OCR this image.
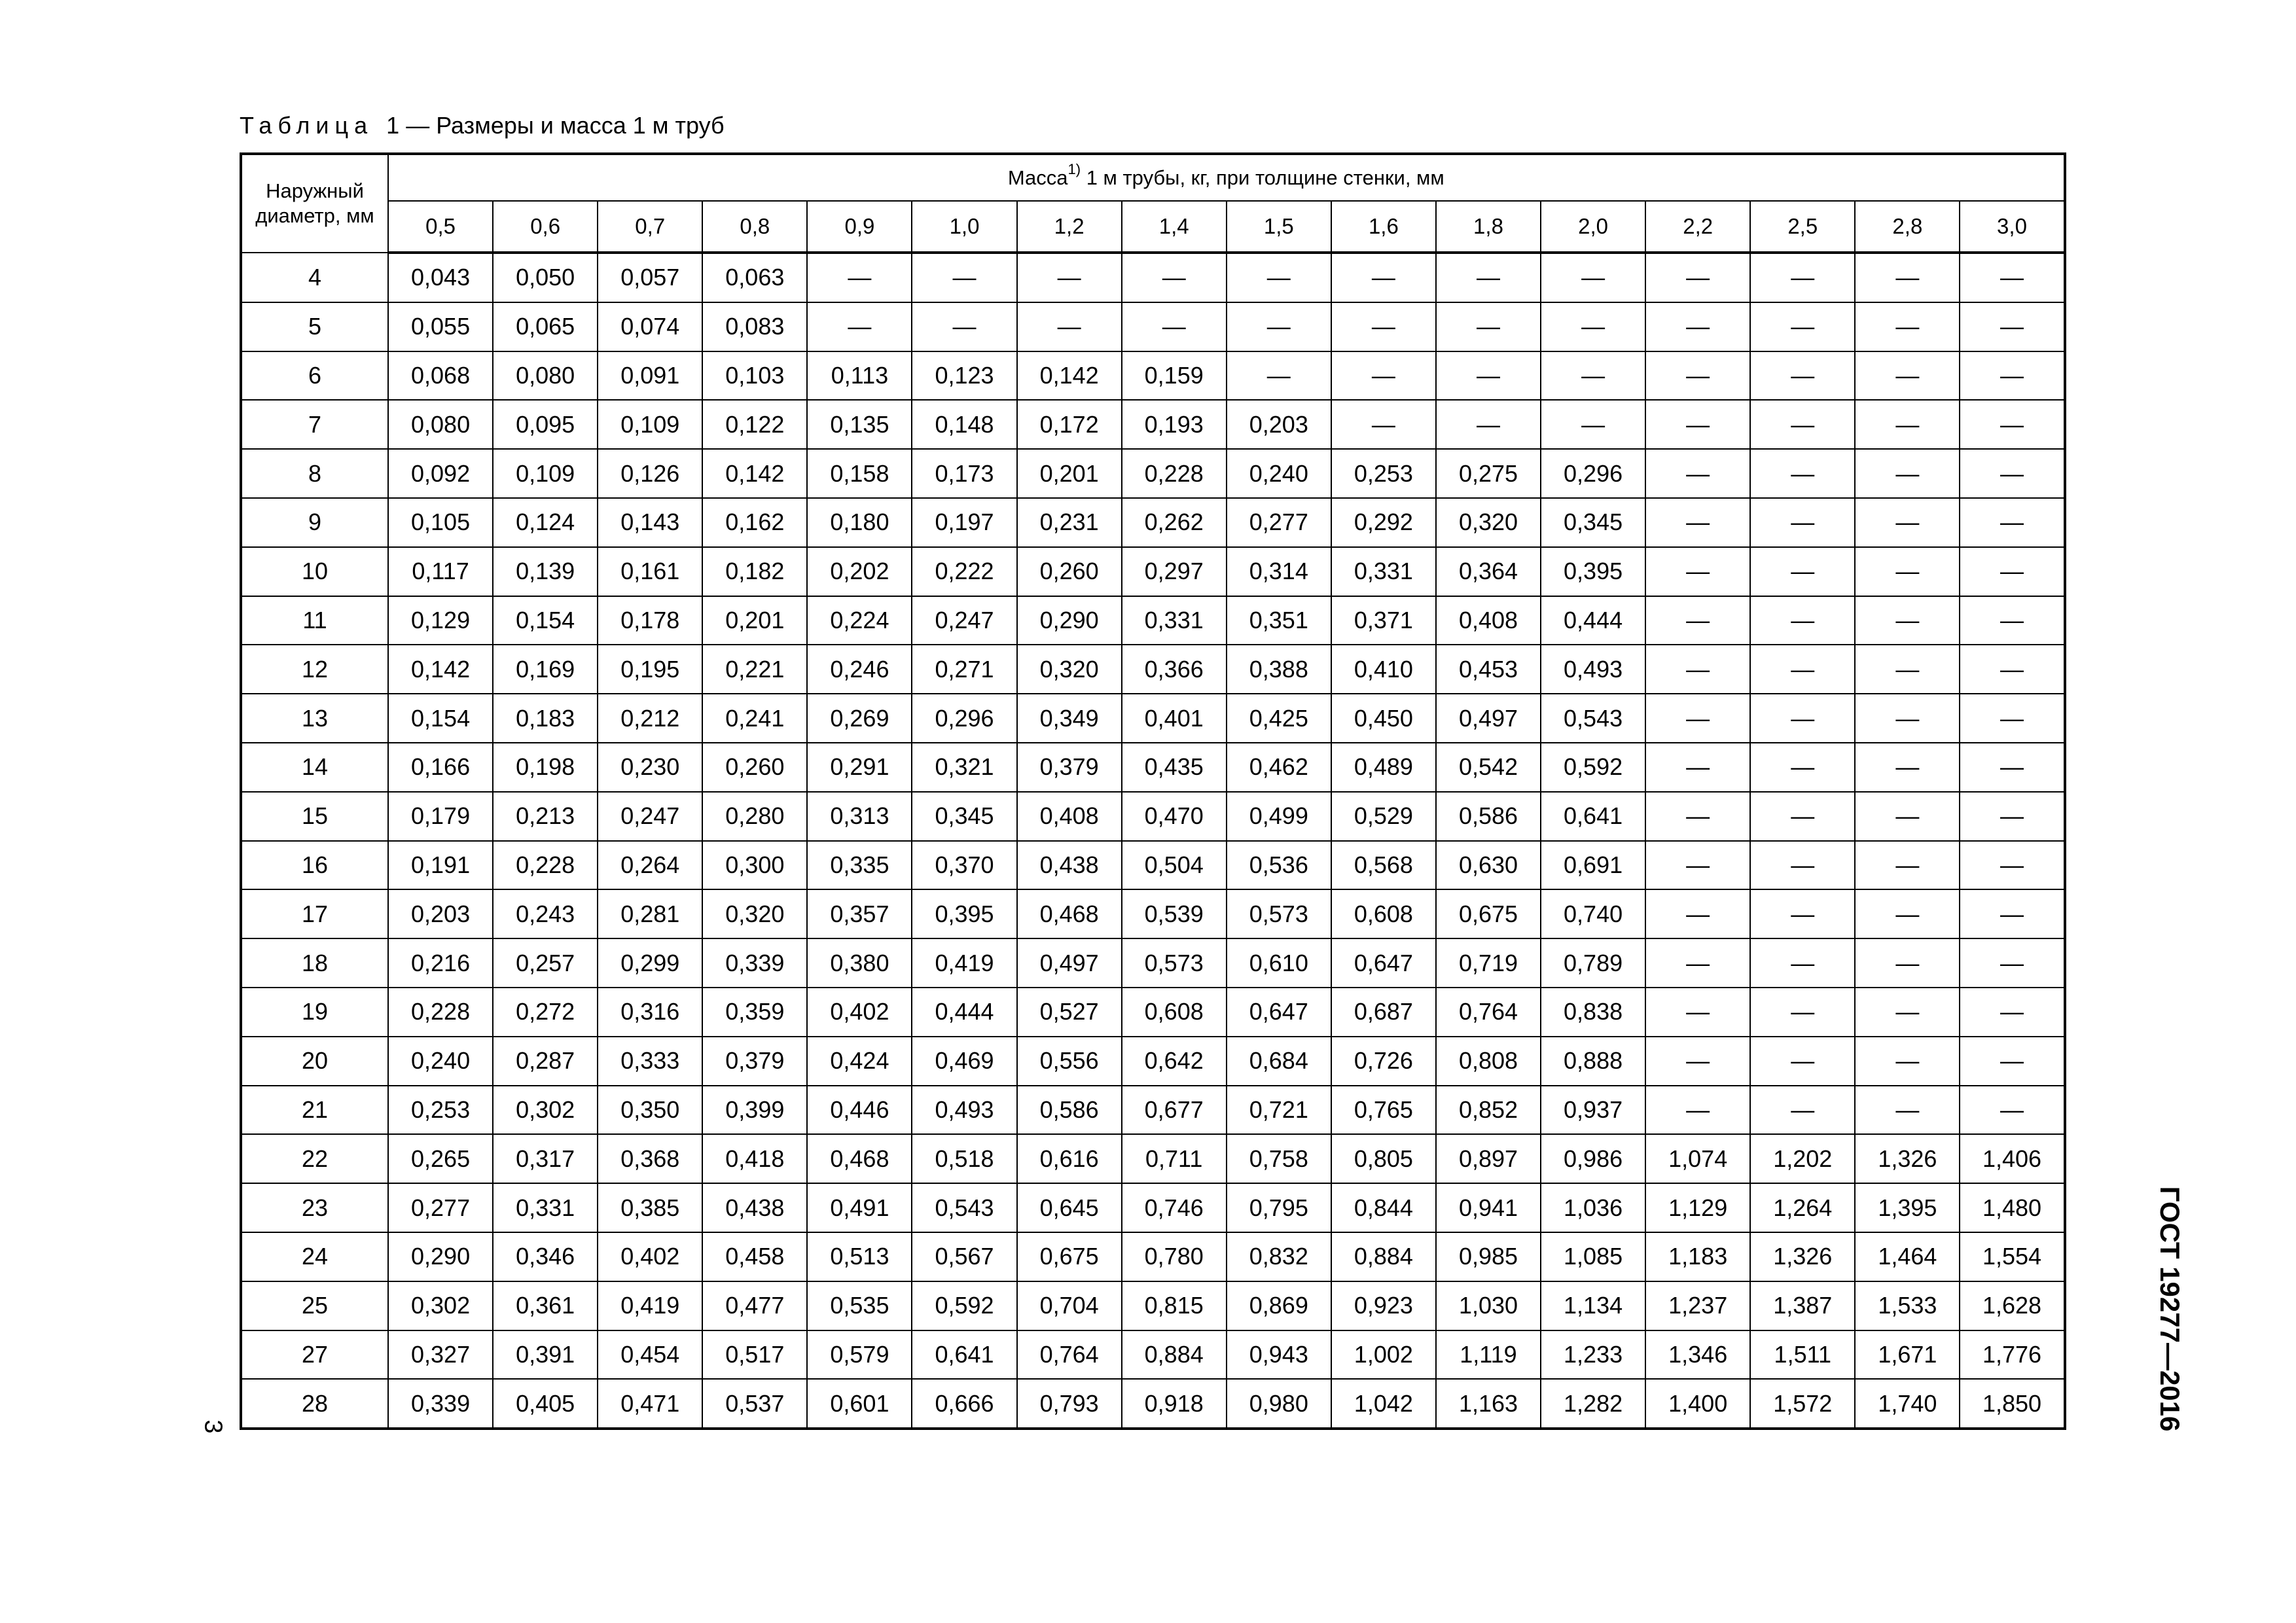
Таблица 1 — Размеры и масса 1 м труб
Наружный диаметр, мм	Масса$^{1)}$ 1 м трубы, кг, при толщине стенки, мм															
	0,5	0,6	0,7	0,8	0,9	1,0	1,2	1,4	1,5	1,6	1,8	2,0	2,2	2,5	2,8	3,0
4	0,043	0,050	0,057	0,063	—	—	—	—	—	—	—	—	—	—	—	—
5	0,055	0,065	0,074	0,083	—	—	—	—	—	—	—	—	—	—	—	—
6	0,068	0,080	0,091	0,103	0,113	0,123	0,142	0,159	—	—	—	—	—	—	—	—
7	0,080	0,095	0,109	0,122	0,135	0,148	0,172	0,193	0,203	—	—	—	—	—	—	—
8	0,092	0,109	0,126	0,142	0,158	0,173	0,201	0,228	0,240	0,253	0,275	0,296	—	—	—	—
9	0,105	0,124	0,143	0,162	0,180	0,197	0,231	0,262	0,277	0,292	0,320	0,345	—	—	—	—
10	0,117	0,139	0,161	0,182	0,202	0,222	0,260	0,297	0,314	0,331	0,364	0,395	—	—	—	—
11	0,129	0,154	0,178	0,201	0,224	0,247	0,290	0,331	0,351	0,371	0,408	0,444	—	—	—	—
12	0,142	0,169	0,195	0,221	0,246	0,271	0,320	0,366	0,388	0,410	0,453	0,493	—	—	—	—
13	0,154	0,183	0,212	0,241	0,269	0,296	0,349	0,401	0,425	0,450	0,497	0,543	—	—	—	—
14	0,166	0,198	0,230	0,260	0,291	0,321	0,379	0,435	0,462	0,489	0,542	0,592	—	—	—	—
15	0,179	0,213	0,247	0,280	0,313	0,345	0,408	0,470	0,499	0,529	0,586	0,641	—	—	—	—
16	0,191	0,228	0,264	0,300	0,335	0,370	0,438	0,504	0,536	0,568	0,630	0,691	—	—	—	—
17	0,203	0,243	0,281	0,320	0,357	0,395	0,468	0,539	0,573	0,608	0,675	0,740	—	—	—	—
18	0,216	0,257	0,299	0,339	0,380	0,419	0,497	0,573	0,610	0,647	0,719	0,789	—	—	—	—
19	0,228	0,272	0,316	0,359	0,402	0,444	0,527	0,608	0,647	0,687	0,764	0,838	—	—	—	—
20	0,240	0,287	0,333	0,379	0,424	0,469	0,556	0,642	0,684	0,726	0,808	0,888	—	—	—	—
21	0,253	0,302	0,350	0,399	0,446	0,493	0,586	0,677	0,721	0,765	0,852	0,937	—	—	—	—
22	0,265	0,317	0,368	0,418	0,468	0,518	0,616	0,711	0,758	0,805	0,897	0,986	1,074	1,202	1,326	1,406
23	0,277	0,331	0,385	0,438	0,491	0,543	0,645	0,746	0,795	0,844	0,941	1,036	1,129	1,264	1,395	1,480
24	0,290	0,346	0,402	0,458	0,513	0,567	0,675	0,780	0,832	0,884	0,985	1,085	1,183	1,326	1,464	1,554
25	0,302	0,361	0,419	0,477	0,535	0,592	0,704	0,815	0,869	0,923	1,030	1,134	1,237	1,387	1,533	1,628
27	0,327	0,391	0,454	0,517	0,579	0,641	0,764	0,884	0,943	1,002	1,119	1,233	1,346	1,511	1,671	1,776
28	0,339	0,405	0,471	0,537	0,601	0,666	0,793	0,918	0,980	1,042	1,163	1,282	1,400	1,572	1,740	1,850	ГОСТ 19277—2016
3
